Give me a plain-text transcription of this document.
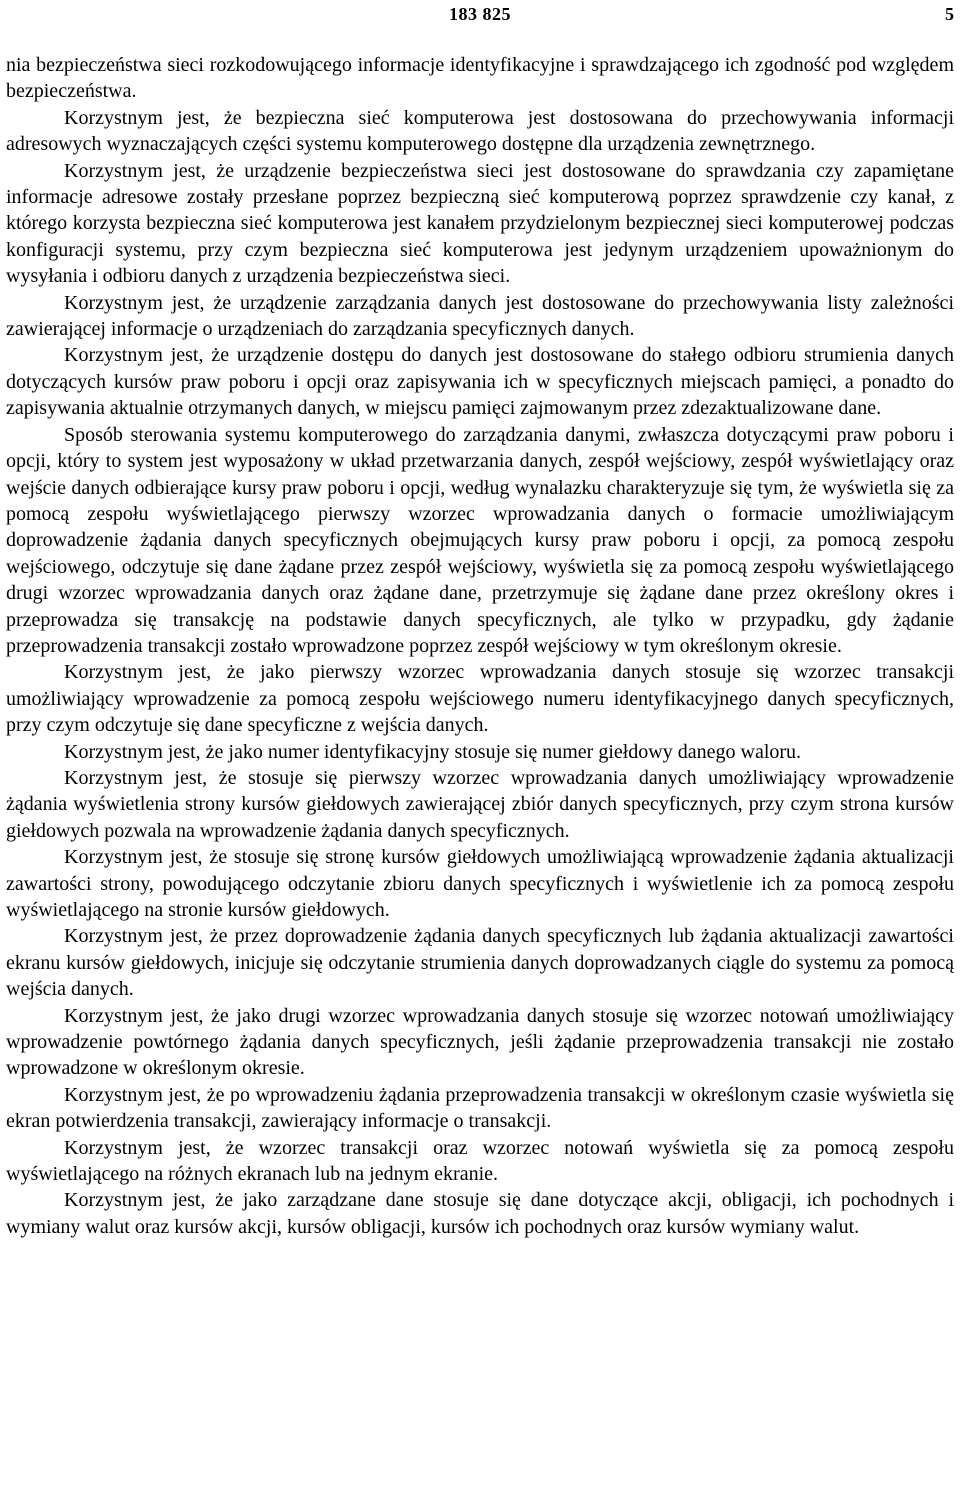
183 825	5

nia bezpieczeństwa sieci rozkodowującego informacje identyfikacyjne i sprawdzającego ich zgodność pod względem bezpieczeństwa.

Korzystnym jest, że bezpieczna sieć komputerowa jest dostosowana do przechowywania informacji adresowych wyznaczających części systemu komputerowego dostępne dla urządzenia zewnętrznego.

Korzystnym jest, że urządzenie bezpieczeństwa sieci jest dostosowane do sprawdzania czy zapamiętane informacje adresowe zostały przesłane poprzez bezpieczną sieć komputerową poprzez sprawdzenie czy kanał, z którego korzysta bezpieczna sieć komputerowa jest kanałem przydzielonym bezpiecznej sieci komputerowej podczas konfiguracji systemu, przy czym bezpieczna sieć komputerowa jest jedynym urządzeniem upoważnionym do wysyłania i odbioru danych z urządzenia bezpieczeństwa sieci.

Korzystnym jest, że urządzenie zarządzania danych jest dostosowane do przechowywania listy zależności zawierającej informacje o urządzeniach do zarządzania specyficznych danych.

Korzystnym jest, że urządzenie dostępu do danych jest dostosowane do stałego odbioru strumienia danych dotyczących kursów praw poboru i opcji oraz zapisywania ich w specyficznych miejscach pamięci, a ponadto do zapisywania aktualnie otrzymanych danych, w miejscu pamięci zajmowanym przez zdezaktualizowane dane.

Sposób sterowania systemu komputerowego do zarządzania danymi, zwłaszcza dotyczącymi praw poboru i opcji, który to system jest wyposażony w układ przetwarzania danych, zespół wejściowy, zespół wyświetlający oraz wejście danych odbierające kursy praw poboru i opcji, według wynalazku charakteryzuje się tym, że wyświetla się za pomocą zespołu wyświetlającego pierwszy wzorzec wprowadzania danych o formacie umożliwiającym doprowadzenie żądania danych specyficznych obejmujących kursy praw poboru i opcji, za pomocą zespołu wejściowego, odczytuje się dane żądane przez zespół wejściowy, wyświetla się za pomocą zespołu wyświetlającego drugi wzorzec wprowadzania danych oraz żądane dane, przetrzymuje się żądane dane przez określony okres i przeprowadza się transakcję na podstawie danych specyficznych, ale tylko w przypadku, gdy żądanie przeprowadzenia transakcji zostało wprowadzone poprzez zespół wejściowy w tym określonym okresie.

Korzystnym jest, że jako pierwszy wzorzec wprowadzania danych stosuje się wzorzec transakcji umożliwiający wprowadzenie za pomocą zespołu wejściowego numeru identyfikacyjnego danych specyficznych, przy czym odczytuje się dane specyficzne z wejścia danych.

Korzystnym jest, że jako numer identyfikacyjny stosuje się numer giełdowy danego waloru.

Korzystnym jest, że stosuje się pierwszy wzorzec wprowadzania danych umożliwiający wprowadzenie żądania wyświetlenia strony kursów giełdowych zawierającej zbiór danych specyficznych, przy czym strona kursów giełdowych pozwala na wprowadzenie żądania danych specyficznych.

Korzystnym jest, że stosuje się stronę kursów giełdowych umożliwiającą wprowadzenie żądania aktualizacji zawartości strony, powodującego odczytanie zbioru danych specyficznych i wyświetlenie ich za pomocą zespołu wyświetlającego na stronie kursów giełdowych.

Korzystnym jest, że przez doprowadzenie żądania danych specyficznych lub żądania aktualizacji zawartości ekranu kursów giełdowych, inicjuje się odczytanie strumienia danych doprowadzanych ciągle do systemu za pomocą wejścia danych.

Korzystnym jest, że jako drugi wzorzec wprowadzania danych stosuje się wzorzec notowań umożliwiający wprowadzenie powtórnego żądania danych specyficznych, jeśli żądanie przeprowadzenia transakcji nie zostało wprowadzone w określonym okresie.

Korzystnym jest, że po wprowadzeniu żądania przeprowadzenia transakcji w określonym czasie wyświetla się ekran potwierdzenia transakcji, zawierający informacje o transakcji.

Korzystnym jest, że wzorzec transakcji oraz wzorzec notowań wyświetla się za pomocą zespołu wyświetlającego na różnych ekranach lub na jednym ekranie.

Korzystnym jest, że jako zarządzane dane stosuje się dane dotyczące akcji, obligacji, ich pochodnych i wymiany walut oraz kursów akcji, kursów obligacji, kursów ich pochodnych oraz kursów wymiany walut.
